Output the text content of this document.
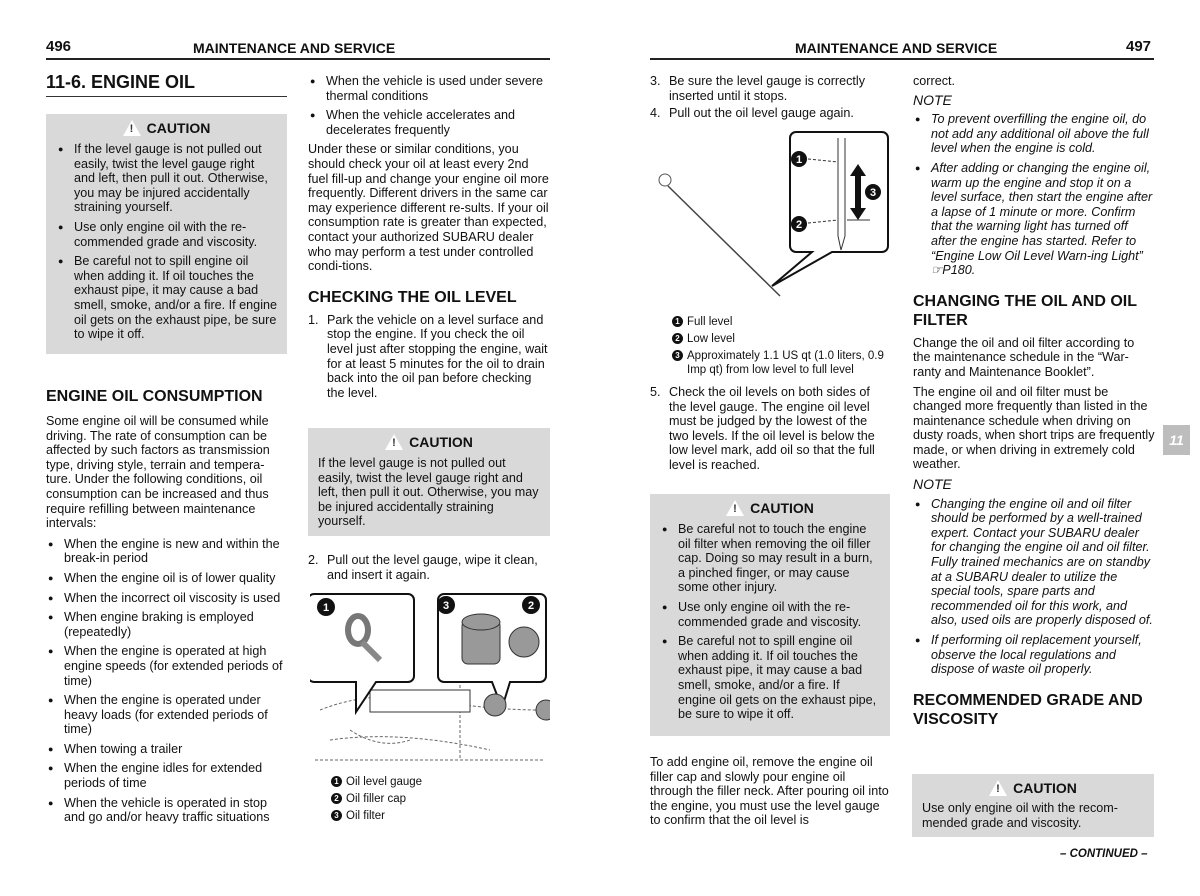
496	MAINTENANCE AND SERVICE	MAINTENANCE AND SERVICE	497
11
11-6. ENGINE OIL
!
CAUTION
● If the level gauge is not pulled out easily, twist the level gauge right and left, then pull it out. Otherwise, you may be injured accidentally straining yourself.
● Use only engine oil with the re-commended grade and viscosity.
● Be careful not to spill engine oil when adding it. If oil touches the exhaust pipe, it may cause a bad smell, smoke, and/or a fire. If engine oil gets on the exhaust pipe, be sure to wipe it off.
ENGINE OIL CONSUMPTION

Some engine oil will be consumed while driving. The rate of consumption can be affected by such factors as transmission type, driving style, terrain and tempera-ture. Under the following conditions, oil consumption can be increased and thus require refilling between maintenance intervals:

● When the engine is new and within the break-in period
● When the engine oil is of lower quality
● When the incorrect oil viscosity is used
● When engine braking is employed (repeatedly)
● When the engine is operated at high engine speeds (for extended periods of time)
● When the engine is operated under heavy loads (for extended periods of time)
● When towing a trailer
● When the engine idles for extended periods of time
● When the vehicle is operated in stop and go and/or heavy traffic situations
● When the vehicle is used under severe thermal conditions
● When the vehicle accelerates and decelerates frequently

Under these or similar conditions, you should check your oil at least every 2nd fuel fill-up and change your engine oil more frequently. Different drivers in the same car may experience different re-sults. If your oil consumption rate is greater than expected, contact your authorized SUBARU dealer who may perform a test under controlled condi-tions.

CHECKING THE OIL LEVEL
1. Park the vehicle on a level surface and stop the engine. If you check the oil level just after stopping the engine, wait for at least 5 minutes for the oil to drain back into the oil pan before checking the level.
!
CAUTION

If the level gauge is not pulled out easily, twist the level gauge right and left, then pull it out. Otherwise, you may be injured accidentally straining yourself.

2. Pull out the level gauge, wipe it clean, and insert it again.
1	3	2
1 Oil level gauge
2 Oil filler cap
3 Oil filter
3. Be sure the level gauge is correctly inserted until it stops.
4. Pull out the oil level gauge again.
1
2
3
1 Full level
2 Low level
3 Approximately 1.1 US qt (1.0 liters, 0.9 Imp qt) from low level to full level
5. Check the oil levels on both sides of the level gauge. The engine oil level must be judged by the lowest of the two levels. If the oil level is below the low level mark, add oil so that the full level is reached.
!
CAUTION
● Be careful not to touch the engine oil filter when removing the oil filler cap. Doing so may result in a burn, a pinched finger, or may cause some other injury.
● Use only engine oil with the re-commended grade and viscosity.
● Be careful not to spill engine oil when adding it. If oil touches the exhaust pipe, it may cause a bad smell, smoke, and/or a fire. If engine oil gets on the exhaust pipe, be sure to wipe it off.

To add engine oil, remove the engine oil filler cap and slowly pour engine oil through the filler neck. After pouring oil into the engine, you must use the level gauge to confirm that the oil level is

correct.

NOTE
● To prevent overfilling the engine oil, do not add any additional oil above the full level when the engine is cold.
● After adding or changing the engine oil, warm up the engine and stop it on a level surface, then start the engine after a lapse of 1 minute or more. Confirm that the warning light has turned off after the engine has started. Refer to “Engine Low Oil Level Warn-ing Light” ☞P180.
CHANGING THE OIL AND OIL FILTER

Change the oil and oil filter according to the maintenance schedule in the “War-ranty and Maintenance Booklet”.

The engine oil and oil filter must be changed more frequently than listed in the maintenance schedule when driving on dusty roads, when short trips are frequently made, or when driving in extremely cold weather.

NOTE
● Changing the engine oil and oil filter should be performed by a well-trained expert. Contact your SUBARU dealer for changing the engine oil and oil filter. Fully trained mechanics are on standby at a SUBARU dealer to utilize the special tools, spare parts and recommended oil for this work, and also, used oils are properly disposed of.
● If performing oil replacement yourself, observe the local regulations and dispose of waste oil properly.
RECOMMENDED GRADE AND VISCOSITY
!
CAUTION

Use only engine oil with the recom-mended grade and viscosity.

– CONTINUED –
